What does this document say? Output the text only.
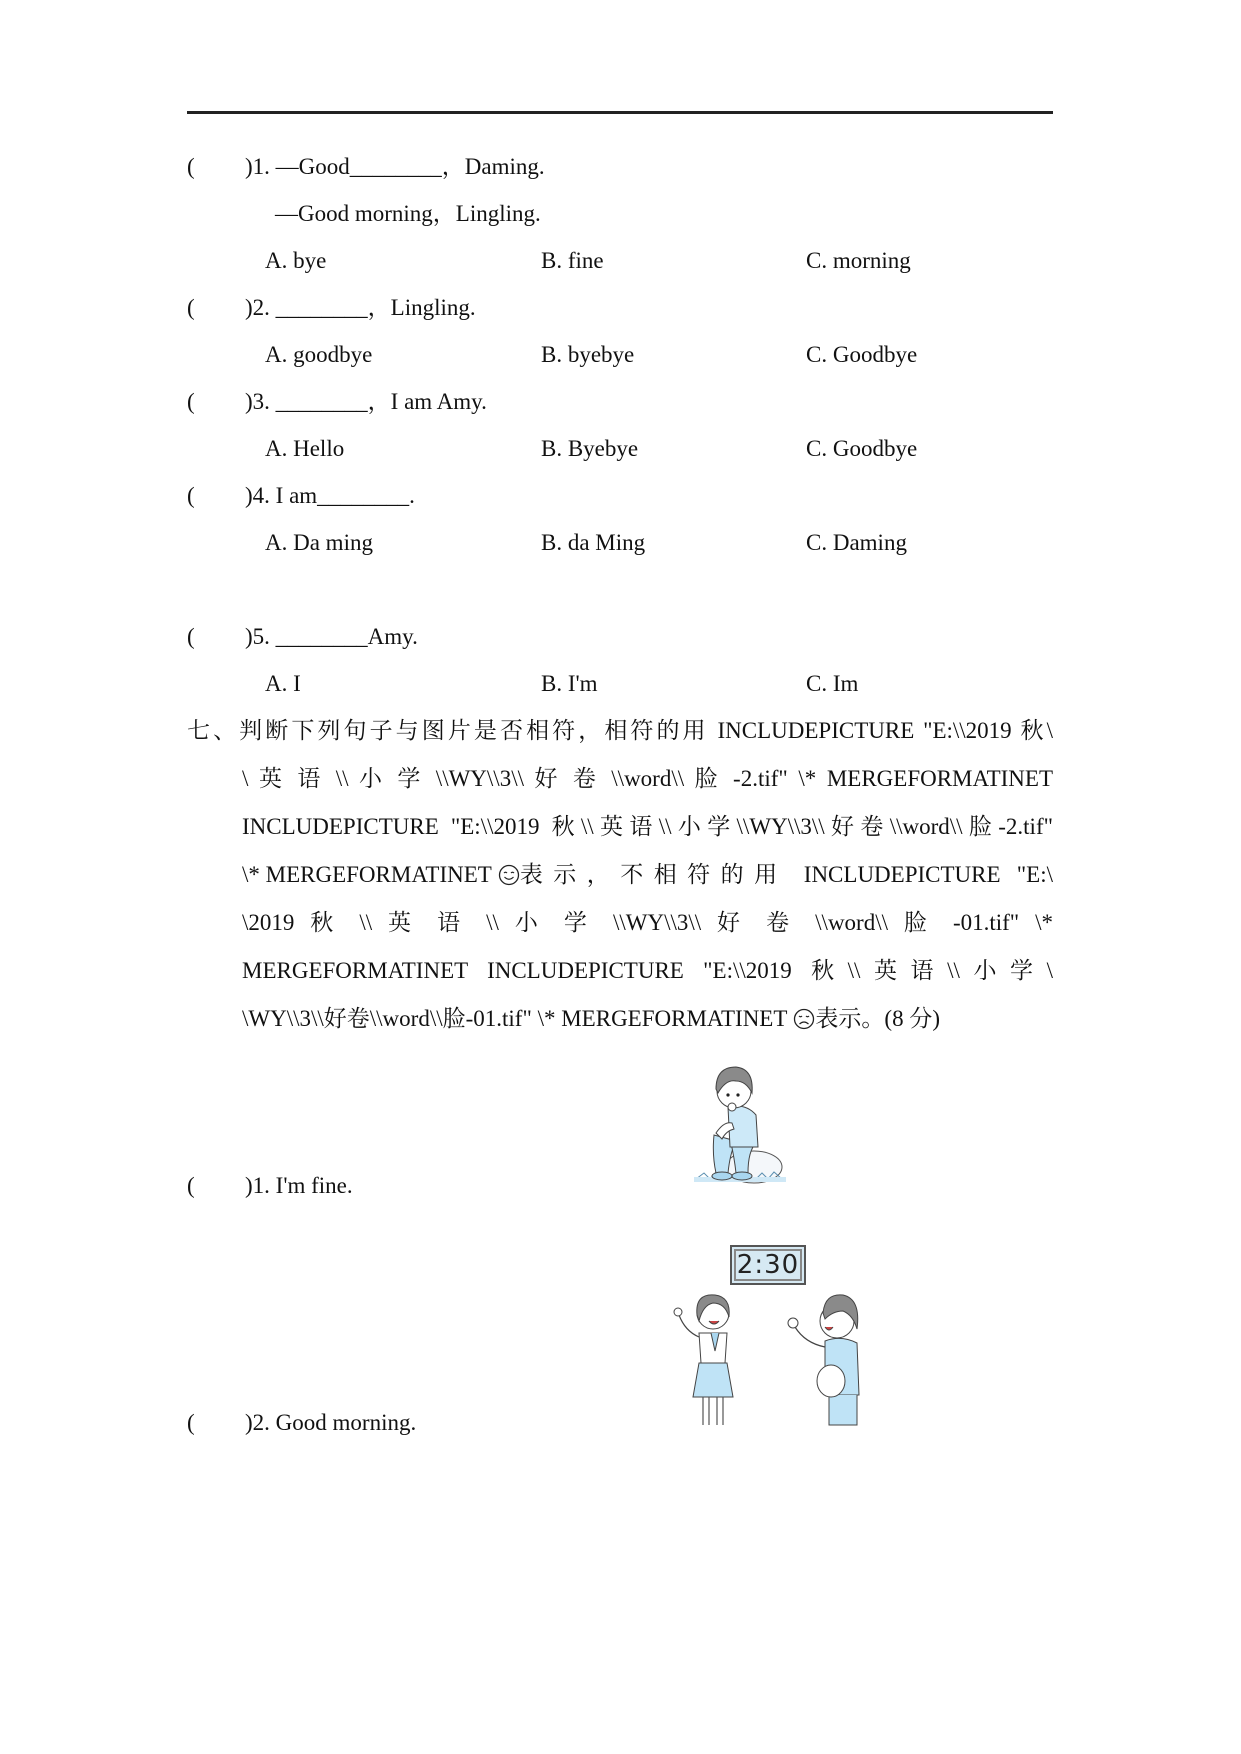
( )1. —Good________，Daming.
—Good morning，Lingling.
A. bye	B. fine	C. morning
( )2. ________，Lingling.
A. goodbye	B. byebye	C. Goodbye
( )3. ________，I am Amy.
A. Hello	B. Byebye	C. Goodbye
( )4. I am________.
A. Da ming	B. da Ming	C. Daming
( )5. ________Amy.
A. I	B. I'm	C. Im
七、判断下列句子与图片是否相符，相符的用 INCLUDEPICTURE "E:\\2019 秋\
\ 英 语 \\ 小 学 \\WY\\3\\ 好 卷 \\word\\ 脸 -2.tif" \* MERGEFORMATINET
INCLUDEPICTURE "E:\\2019 秋\\英语\\小学\\WY\\3\\好卷\\word\\脸-2.tif"
\* MERGEFORMATINET 表示，不相符的用 INCLUDEPICTURE "E:\
\2019 秋 \\ 英 语 \\ 小 学 \\WY\\3\\ 好 卷 \\word\\ 脸 -01.tif" \*
MERGEFORMATINET INCLUDEPICTURE "E:\\2019 秋\\英语\\小学\
\WY\\3\\好卷\\word\\脸-01.tif" \* MERGEFORMATINET 表示。(8 分)
( )1. I'm fine.
2:30
( )2. Good morning.
